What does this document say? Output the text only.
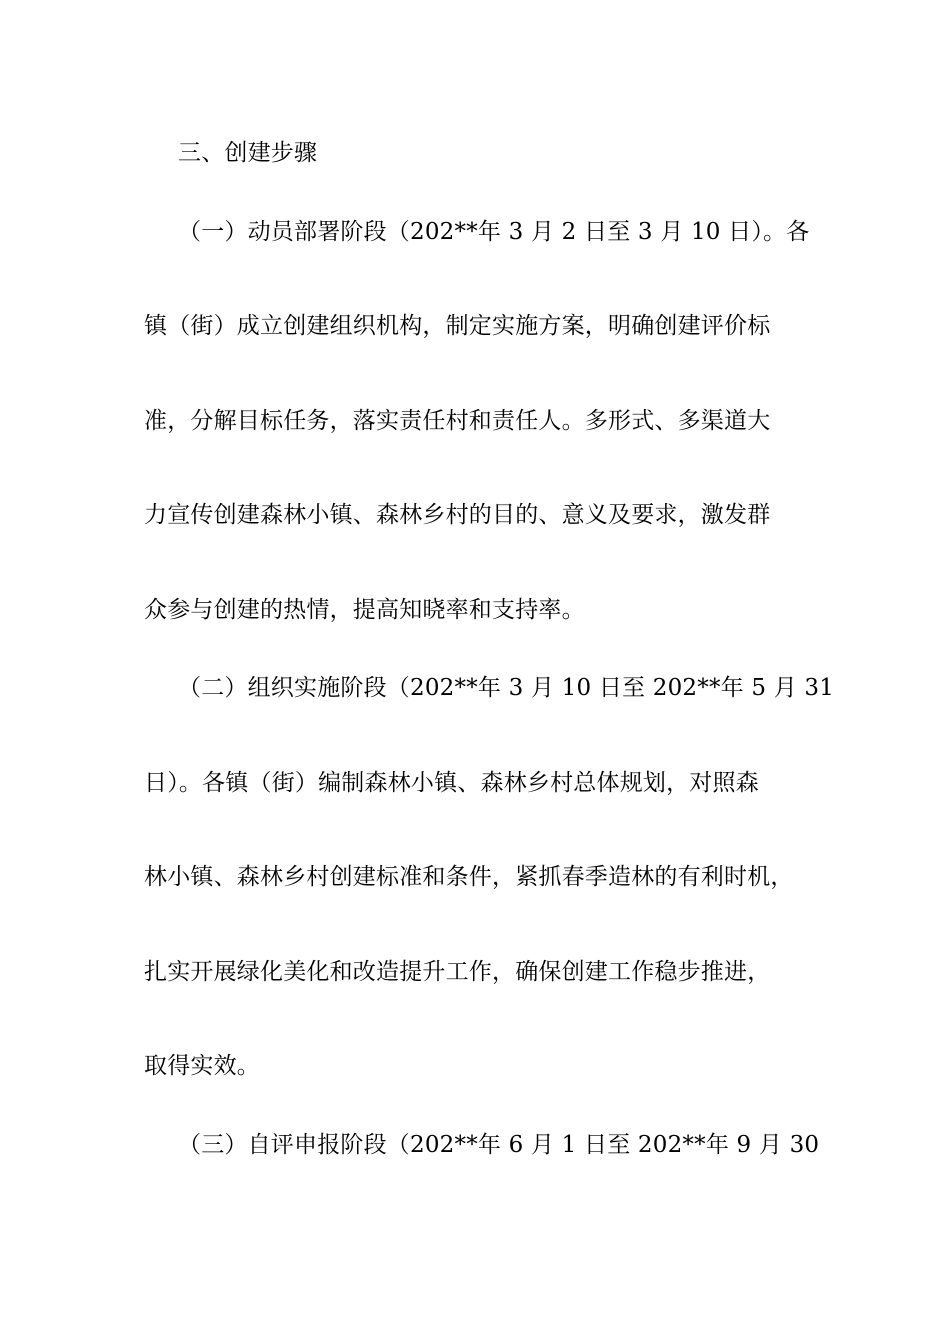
三、创建步骤
（一）动员部署阶段（202**年 3 月 2 日至 3 月 10 日）。各
镇（街）成立创建组织机构，制定实施方案，明确创建评价标
准，分解目标任务，落实责任村和责任人。多形式、多渠道大
力宣传创建森林小镇、森林乡村的目的、意义及要求，激发群
众参与创建的热情，提高知晓率和支持率。
（二）组织实施阶段（202**年 3 月 10 日至 202**年 5 月 31
日）。各镇（街）编制森林小镇、森林乡村总体规划，对照森
林小镇、森林乡村创建标准和条件，紧抓春季造林的有利时机，
扎实开展绿化美化和改造提升工作，确保创建工作稳步推进，
取得实效。
（三）自评申报阶段（202**年 6 月 1 日至 202**年 9 月 30
